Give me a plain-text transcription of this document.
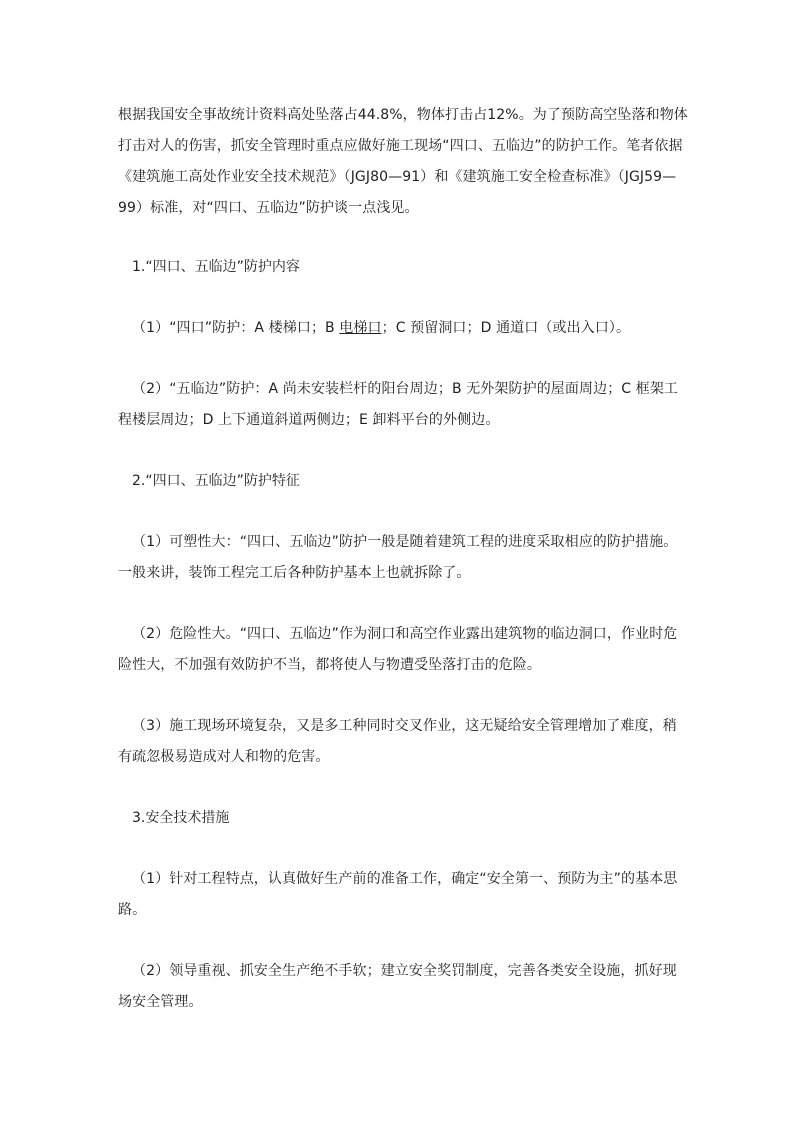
根据我国安全事故统计资料高处坠落占44.8%，物体打击占12%。为了预防高空坠落和物体打击对人的伤害，抓安全管理时重点应做好施工现场“四口、五临边”的防护工作。笔者依据《建筑施工高处作业安全技术规范》（JGJ80—91）和《建筑施工安全检查标准》（JGJ59—99）标准，对“四口、五临边”防护谈一点浅见。

1.“四口、五临边”防护内容

（1）“四口”防护：A 楼梯口；B 电梯口；C 预留洞口；D 通道口（或出入口）。

（2）“五临边”防护：A 尚未安装栏杆的阳台周边；B 无外架防护的屋面周边；C 框架工程楼层周边；D 上下通道斜道两侧边；E 卸料平台的外侧边。

2.“四口、五临边”防护特征

（1）可塑性大：“四口、五临边”防护一般是随着建筑工程的进度采取相应的防护措施。一般来讲，装饰工程完工后各种防护基本上也就拆除了。

（2）危险性大。“四口、五临边”作为洞口和高空作业露出建筑物的临边洞口，作业时危险性大，不加强有效防护不当，都将使人与物遭受坠落打击的危险。

（3）施工现场环境复杂，又是多工种同时交叉作业，这无疑给安全管理增加了难度，稍有疏忽极易造成对人和物的危害。

3.安全技术措施

（1）针对工程特点，认真做好生产前的准备工作，确定“安全第一、预防为主”的基本思路。

（2）领导重视、抓安全生产绝不手软；建立安全奖罚制度，完善各类安全设施，抓好现场安全管理。
